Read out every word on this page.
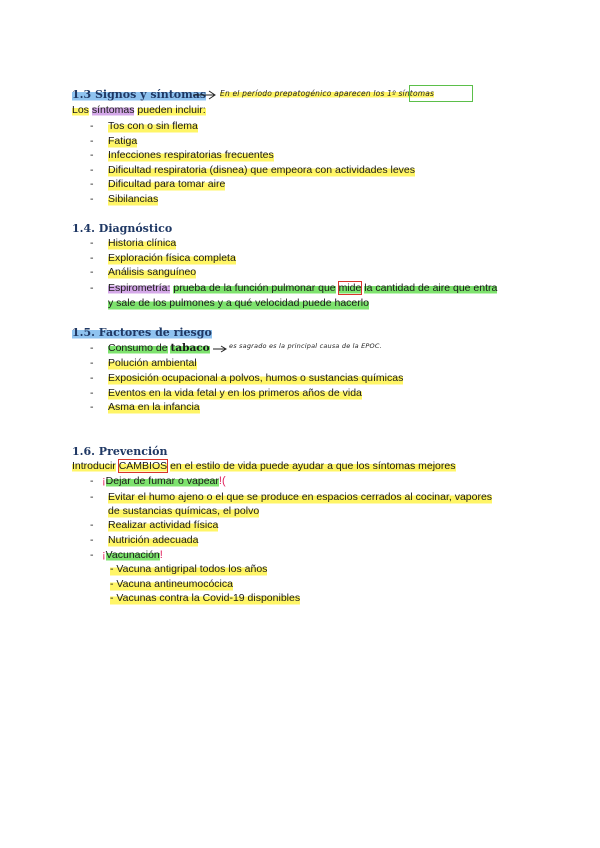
1.3 Signos y síntomas En el período prepatogénico aparecen los 1º síntomas
Los síntomas pueden incluir:
- Tos con o sin flema
- Fatiga
- Infecciones respiratorias frecuentes
- Dificultad respiratoria (disnea) que empeora con actividades leves
- Dificultad para tomar aire
- Sibilancias
1.4. Diagnóstico
- Historia clínica
- Exploración física completa
- Análisis sanguíneo
- Espirometría: prueba de la función pulmonar que mide la cantidad de aire que entra
y sale de los pulmones y a qué velocidad puede hacerlo
1.5. Factores de riesgo
- Consumo de tabaco	es sagrado es la principal causa de la EPOC.
- Polución ambiental
- Exposición ocupacional a polvos, humos o sustancias químicas
- Eventos en la vida fetal y en los primeros años de vida
- Asma en la infancia
1.6. Prevención
Introducir CAMBIOS en el estilo de vida puede ayudar a que los síntomas mejores
- ¡Dejar de fumar o vapear!(
- Evitar el humo ajeno o el que se produce en espacios cerrados al cocinar, vapores
de sustancias químicas, el polvo
- Realizar actividad física
- Nutrición adecuada
- ¡Vacunación!
- Vacuna antigripal todos los años
- Vacuna antineumocócica
- Vacunas contra la Covid-19 disponibles
